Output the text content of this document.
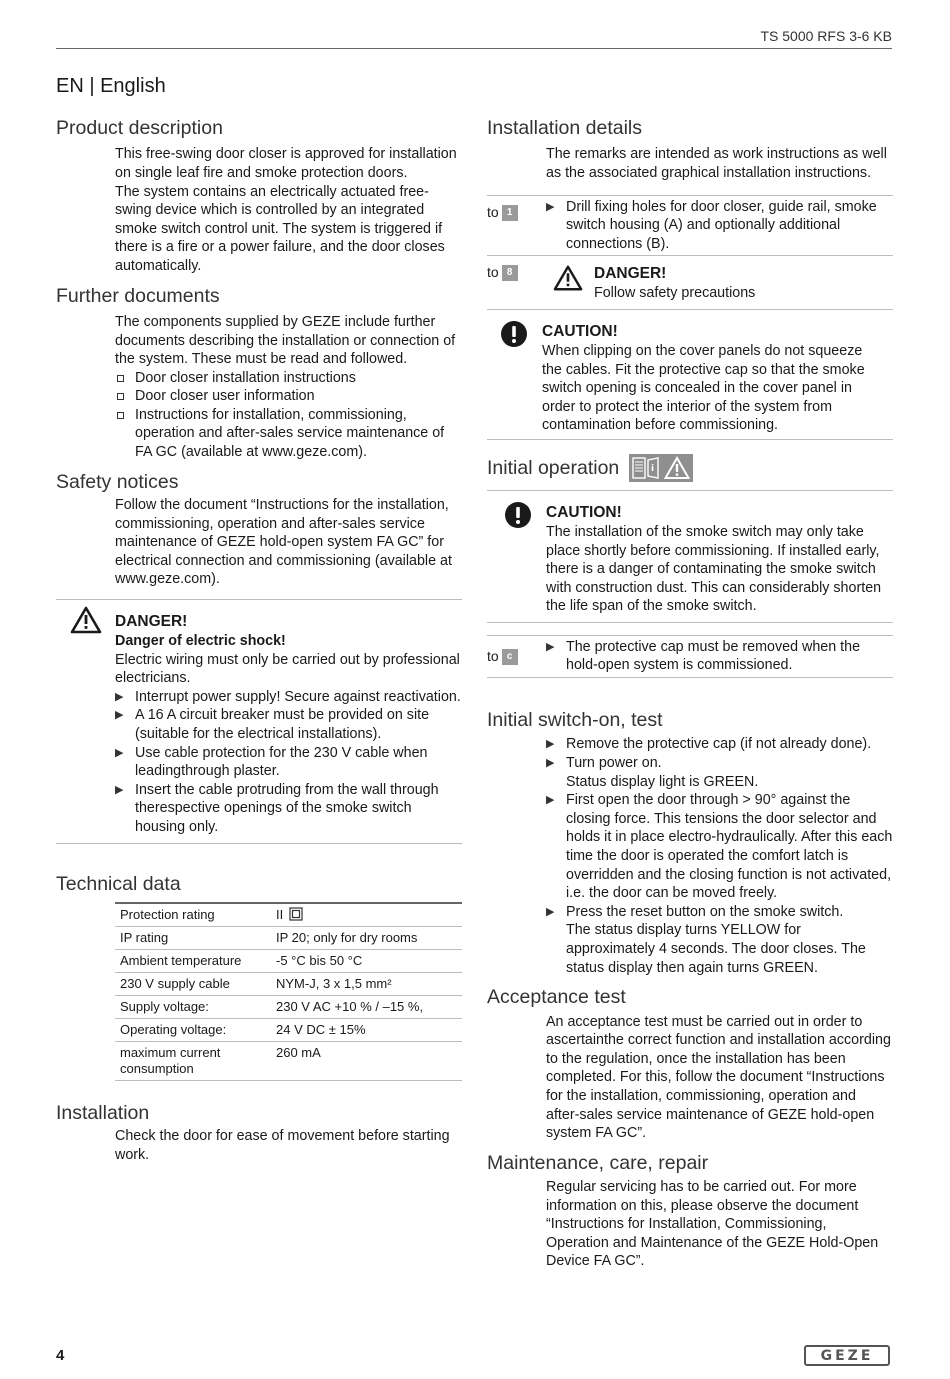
TS 5000 RFS 3-6 KB
EN | English
Product description

This free-swing door closer is approved for installation on single leaf fire and smoke protection doors.

The system contains an electrically actuated free-swing device which is controlled by an integrated smoke switch control unit. The system is triggered if there is a fire or a power failure, and the door closes automatically.

Further documents

The components supplied by GEZE include further documents describing the installation or connection of the system. These must be read and followed.

Door closer installation instructions
Door closer user information
Instructions for installation, commissioning, operation and after-sales service maintenance of FA GC (available at www.geze.com).
Safety notices

Follow the document “Instructions for the installation, commissioning, operation and after-sales service maintenance of GEZE hold-open system FA GC” for electrical connection and commissioning (available at www.geze.com).

DANGER!

Danger of electric shock!

Electric wiring must only be carried out by professional electricians.

▶ Interrupt power supply! Secure against reactivation.
▶ A 16 A circuit breaker must be provided on site (suitable for the electrical installations).
▶ Use cable protection for the 230 V cable when leadingthrough plaster.
▶ Insert the cable protruding from the wall through therespective openings of the smoke switch housing only.
Technical data
Protection rating	II
IP rating	IP 20; only for dry rooms
Ambient temperature	-5 °C bis 50 °C
230 V supply cable	NYM-J, 3 x 1,5 mm²
Supply voltage:	230 V AC +10 % / –15 %,
Operating voltage:	24 V DC ± 15%
maximum current consumption	260 mA
Installation

Check the door for ease of movement before starting work.

Installation details

The remarks are intended as work instructions as well as the associated graphical installation instructions.

to 1	▶ Drill fixing holes for door closer, guide rail, smoke switch housing (A) and optionally additional connections (B).
to 8	DANGER!

Follow safety precautions

CAUTION!

When clipping on the cover panels do not squeeze the cables. Fit the protective cap so that the smoke switch opening is concealed in the cover panel in order to protect the interior of the system from contamination before commissioning.

Initial operation	i
CAUTION!

The installation of the smoke switch may only take place shortly before commissioning. If installed early, there is a danger of contaminating the smoke switch with construction dust. This can considerably shorten the life span of the smoke switch.

to c
▶ The protective cap must be removed when the hold-open system is commissioned.
Initial switch-on, test
▶ Remove the protective cap (if not already done).
▶ Turn power on.
Status display light is GREEN.
▶ First open the door through > 90° against the closing force. This tensions the door selector and holds it in place electro-hydraulically. After this each time the door is operated the comfort latch is overridden and the closing function is not activated, i.e. the door can be moved freely.
▶ Press the reset button on the smoke switch.
The status display turns YELLOW for approximately 4 seconds. The door closes. The status display then again turns GREEN.
Acceptance test

An acceptance test must be carried out in order to ascertainthe correct function and installation according to the regulation, once the installation has been completed. For this, follow the document “Instructions for the installation, commissioning, operation and after-sales service maintenance of GEZE hold-open system FA GC”.

Maintenance, care, repair

Regular servicing has to be carried out. For more information on this, please observe the document “Instructions for Installation, Commissioning, Operation and Maintenance of the GEZE Hold-Open Device FA GC”.

4	GEZE
